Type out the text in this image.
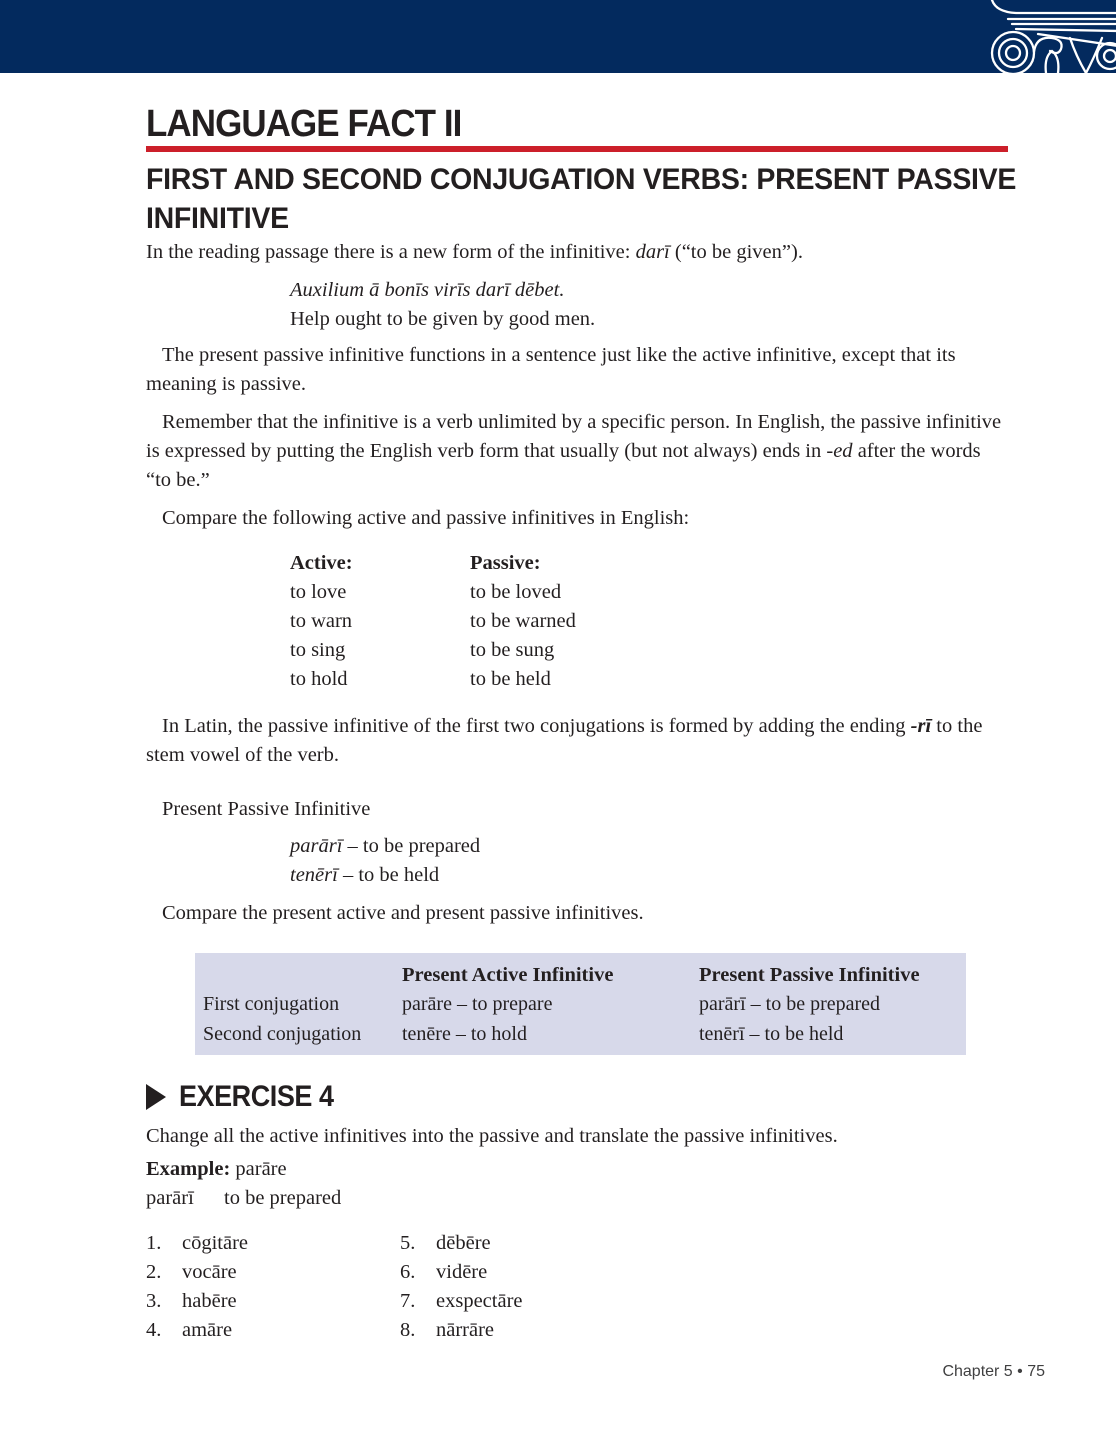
LANGUAGE FACT II
FIRST AND SECOND CONJUGATION VERBS: PRESENT PASSIVE
INFINITIVE

In the reading passage there is a new form of the infinitive: darī (“to be given”).

Auxilium ā bonīs virīs darī dēbet.

Help ought to be given by good men.

The present passive infinitive functions in a sentence just like the active infinitive, except that its meaning is passive.

Remember that the infinitive is a verb unlimited by a specific person. In English, the passive infinitive is expressed by putting the English verb form that usually (but not always) ends in -ed after the words “to be.”

Compare the following active and passive infinitives in English:

Active:	Passive:
to love	to be loved
to warn	to be warned
to sing	to be sung
to hold	to be held

In Latin, the passive infinitive of the first two conjugations is formed by adding the ending -rī to the stem vowel of the verb.

Present Passive Infinitive

parārī – to be prepared
tenērī – to be held

Compare the present active and present passive infinitives.

	Present Active Infinitive	Present Passive Infinitive
First conjugation	parāre – to prepare	parārī – to be prepared
Second conjugation	tenēre – to hold	tenērī – to be held
EXERCISE 4

Change all the active infinitives into the passive and translate the passive infinitives.

Example: parāre

parārī to be prepared

1. cōgitāre
2. vocāre
3. habēre
4. amāre
5. dēbēre
6. vidēre
7. exspectāre
8. nārrāre
Chapter 5 • 75
